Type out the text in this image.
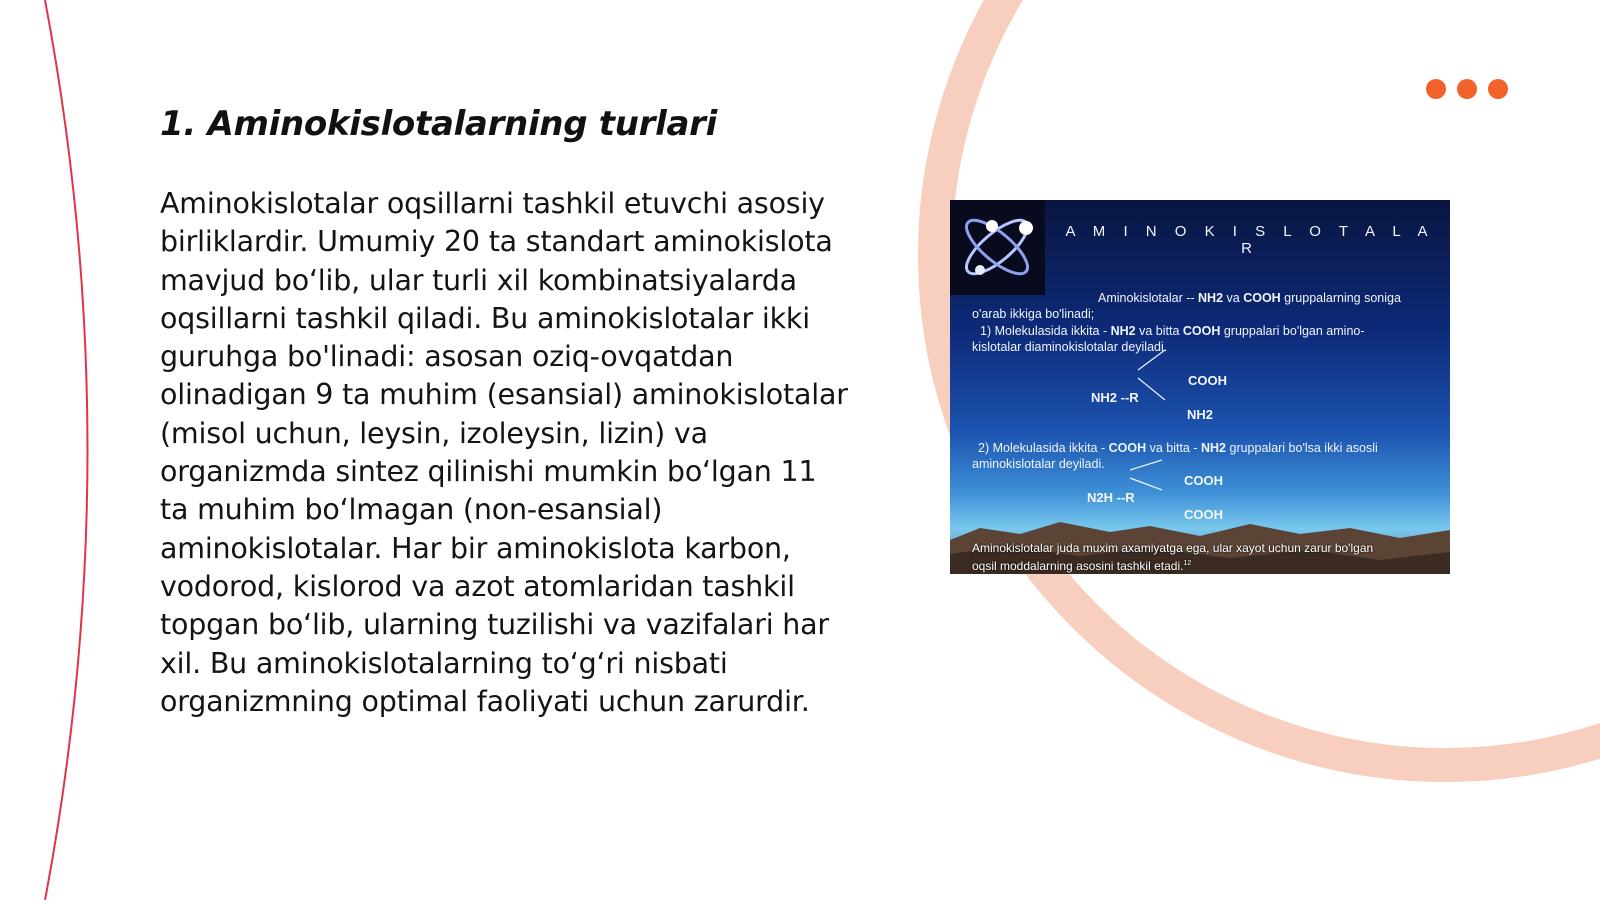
1. Aminokislotalarning turlari

Aminokislotalar oqsillarni tashkil etuvchi asosiy birliklardir. Umumiy 20 ta standart aminokislota mavjud bo‘lib, ular turli xil kombinatsiyalarda oqsillarni tashkil qiladi. Bu aminokislotalar ikki guruhga bo'linadi: asosan oziq-ovqatdan olinadigan 9 ta muhim (esansial) aminokislotalar (misol uchun, leysin, izoleysin, lizin) va organizmda sintez qilinishi mumkin bo‘lgan 11 ta muhim bo‘lmagan (non-esansial) aminokislotalar. Har bir aminokislota karbon, vodorod, kislorod va azot atomlaridan tashkil topgan bo‘lib, ularning tuzilishi va vazifalari har xil. Bu aminokislotalarning to‘g‘ri nisbati organizmning optimal faoliyati uchun zarurdir.

A M I N O K I S L O T A L A R
Aminokislotalar -- NH2 va COOH gruppalarning soniga
o'arab ikkiga bo'linadi;
1) Molekulasida ikkita - NH2 va bitta COOH gruppalari bo'lgan amino-
kislotalar diaminokislotalar deyiladi.
COOH
NH2 --R
NH2
2) Molekulasida ikkita - COOH va bitta - NH2 gruppalari bo'lsa ikki asosli
aminokislotalar deyiladi.
COOH
N2H --R
COOH
Aminokislotalar juda muxim axamiyatga ega, ular xayot uchun zarur bo'lgan
oqsil moddalarning asosini tashkil etadi.$^{12}$
